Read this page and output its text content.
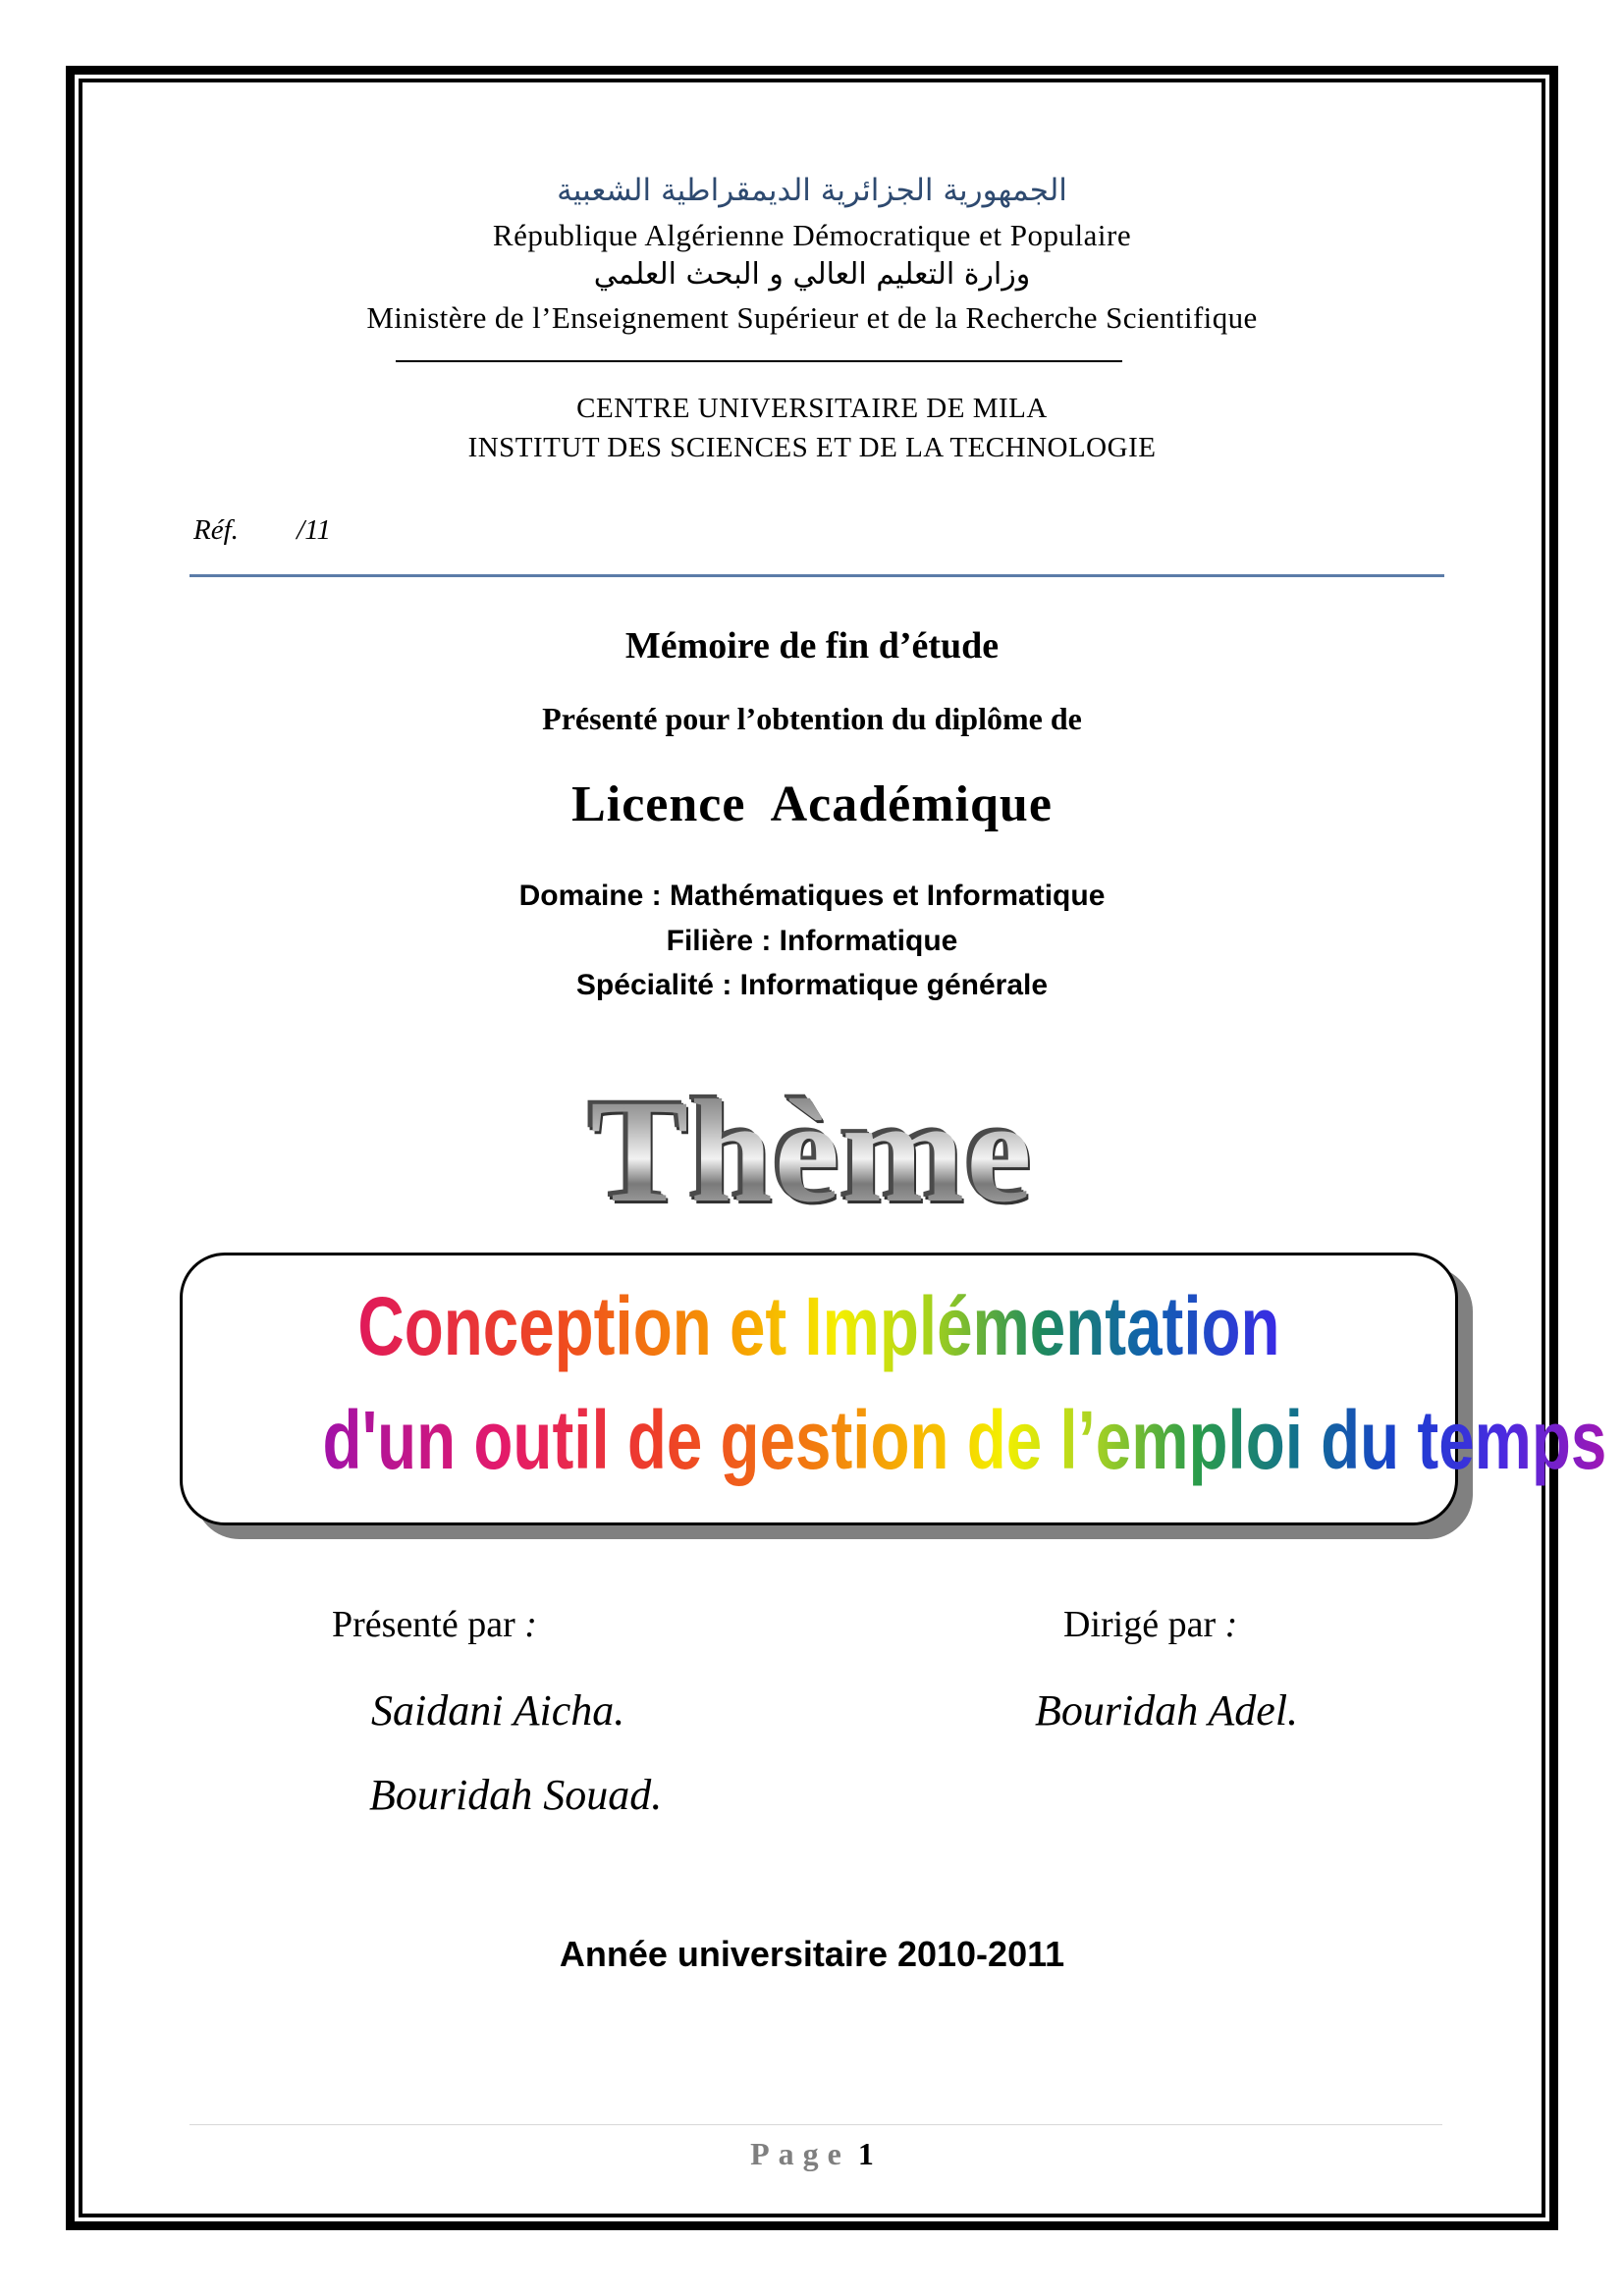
الجمهورية الجزائرية الديمقراطية الشعبية
République Algérienne Démocratique et Populaire
وزارة التعليم العالي و البحث العلمي
Ministère de l’Enseignement Supérieur et de la Recherche Scientifique
CENTRE UNIVERSITAIRE DE MILA
INSTITUT DES SCIENCES ET DE LA TECHNOLOGIE
Réf. /11
Mémoire de fin d’étude
Présenté pour l’obtention du diplôme de
Licence  Académique
Domaine : Mathématiques et Informatique
Filière : Informatique
Spécialité : Informatique générale
Thème
Conception et Implémentation
d'un outil de gestion de l’emploi du temps
Présenté par :	Dirigé par :
Saidani Aicha.
Bouridah Souad.
Bouridah Adel.
Année universitaire 2010-2011
Page 1
